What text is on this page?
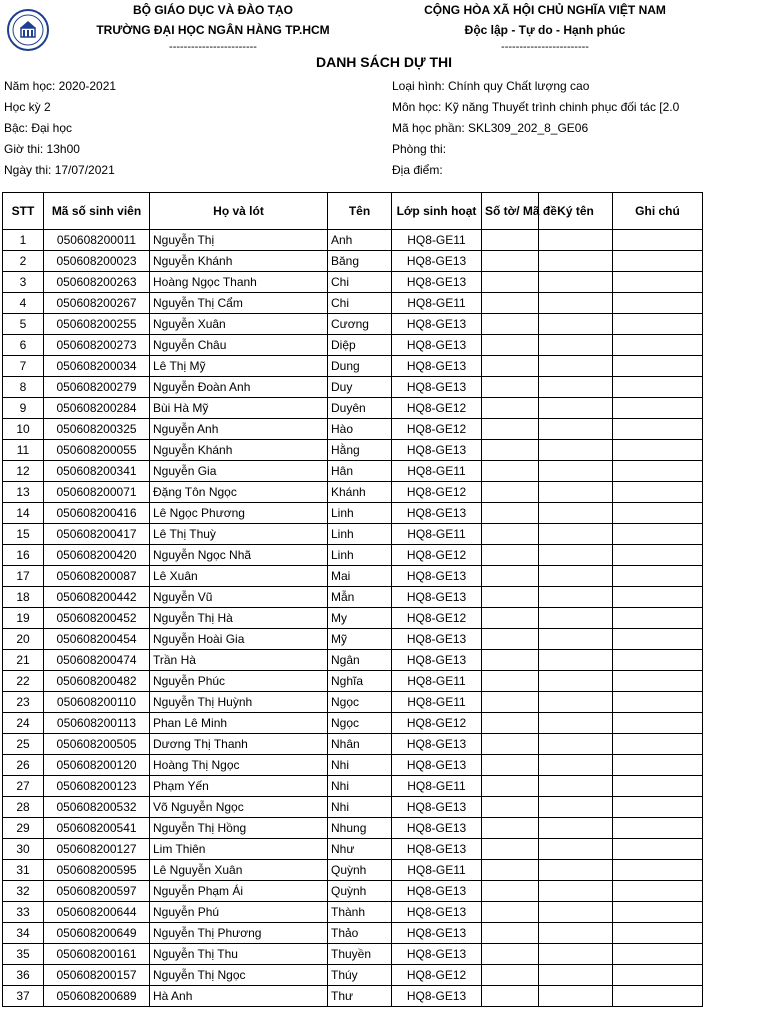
BỘ GIÁO DỤC VÀ ĐÀO TẠO
TRƯỜNG ĐẠI HỌC NGÂN HÀNG TP.HCM
------------------------
CỘNG HÒA XÃ HỘI CHỦ NGHĨA VIỆT NAM
Độc lập - Tự do - Hạnh phúc
------------------------
DANH SÁCH DỰ THI
Năm học: 2020-2021
Học kỳ 2
Bậc: Đại học
Giờ thi: 13h00
Ngày thi: 17/07/2021
Loại hình: Chính quy Chất lượng cao
Môn học: Kỹ năng Thuyết trình chinh phục đối tác [2.0
Mã học phần: SKL309_202_8_GE06
Phòng thi:
Địa điểm:
STT	Mã số sinh viên	Họ và lót	Tên	Lớp sinh hoạt	Số tờ/ Mã đề	Ký tên	Ghi chú
1	050608200011	Nguyễn Thị	Anh	HQ8-GE11			
2	050608200023	Nguyễn Khánh	Băng	HQ8-GE13			
3	050608200263	Hoàng Ngọc Thanh	Chi	HQ8-GE13			
4	050608200267	Nguyễn Thị Cẩm	Chi	HQ8-GE11			
5	050608200255	Nguyễn Xuân	Cương	HQ8-GE13			
6	050608200273	Nguyễn Châu	Diệp	HQ8-GE13			
7	050608200034	Lê Thị Mỹ	Dung	HQ8-GE13			
8	050608200279	Nguyễn Đoàn Anh	Duy	HQ8-GE13			
9	050608200284	Bùi Hà Mỹ	Duyên	HQ8-GE12			
10	050608200325	Nguyễn Anh	Hào	HQ8-GE12			
11	050608200055	Nguyễn Khánh	Hằng	HQ8-GE13			
12	050608200341	Nguyễn Gia	Hân	HQ8-GE11			
13	050608200071	Đặng Tôn Ngọc	Khánh	HQ8-GE12			
14	050608200416	Lê Ngọc Phương	Linh	HQ8-GE13			
15	050608200417	Lê Thị Thuỳ	Linh	HQ8-GE11			
16	050608200420	Nguyễn Ngọc Nhã	Linh	HQ8-GE12			
17	050608200087	Lê Xuân	Mai	HQ8-GE13			
18	050608200442	Nguyễn Vũ	Mẫn	HQ8-GE13			
19	050608200452	Nguyễn Thị Hà	My	HQ8-GE12			
20	050608200454	Nguyễn Hoài Gia	Mỹ	HQ8-GE13			
21	050608200474	Trần Hà	Ngân	HQ8-GE13			
22	050608200482	Nguyễn Phúc	Nghĩa	HQ8-GE11			
23	050608200110	Nguyễn Thị Huỳnh	Ngọc	HQ8-GE11			
24	050608200113	Phan Lê Minh	Ngọc	HQ8-GE12			
25	050608200505	Dương Thị Thanh	Nhân	HQ8-GE13			
26	050608200120	Hoàng Thị Ngọc	Nhi	HQ8-GE13			
27	050608200123	Phạm Yến	Nhi	HQ8-GE11			
28	050608200532	Võ Nguyễn Ngọc	Nhi	HQ8-GE13			
29	050608200541	Nguyễn Thị Hồng	Nhung	HQ8-GE13			
30	050608200127	Lim Thiên	Như	HQ8-GE13			
31	050608200595	Lê Nguyễn Xuân	Quỳnh	HQ8-GE11			
32	050608200597	Nguyễn Phạm Ái	Quỳnh	HQ8-GE13			
33	050608200644	Nguyễn Phú	Thành	HQ8-GE13			
34	050608200649	Nguyễn Thị Phương	Thảo	HQ8-GE13			
35	050608200161	Nguyễn Thị Thu	Thuyền	HQ8-GE13			
36	050608200157	Nguyễn Thị Ngọc	Thúy	HQ8-GE12			
37	050608200689	Hà Anh	Thư	HQ8-GE13			
